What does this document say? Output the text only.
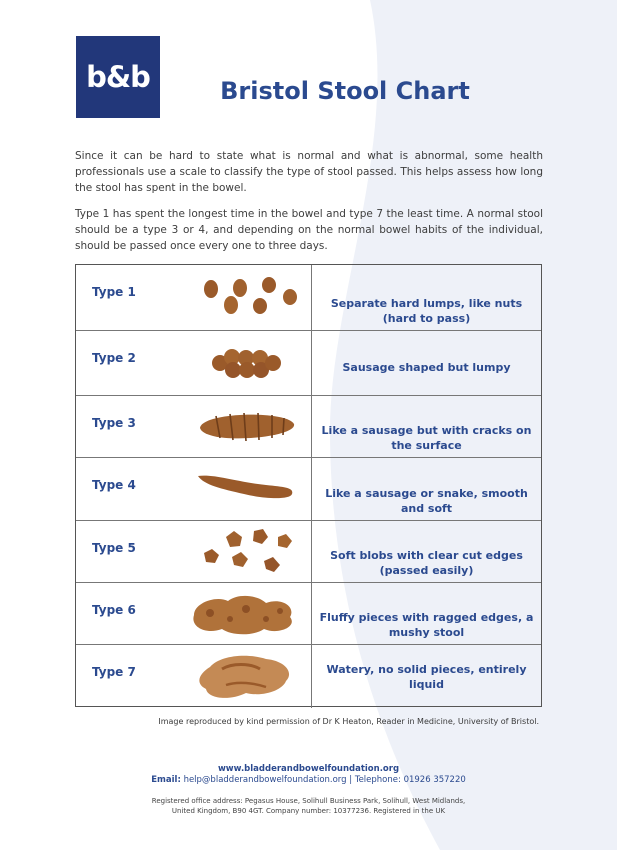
b&b	Bristol Stool Chart
Since it can be hard to state what is normal and what is abnormal, some health professionals use a scale to classify the type of stool passed. This helps assess how long the stool has spent in the bowel.
Type 1 has spent the longest time in the bowel and type 7 the least time. A normal stool should be a type 3 or 4, and depending on the normal bowel habits of the individual, should be passed once every one to three days.
Type 1
Separate hard lumps, like nuts (hard to pass)
Type 2
Sausage shaped but lumpy
Type 3
Like a sausage but with cracks on the surface
Type 4
Like a sausage or snake, smooth and soft
Type 5
Soft blobs with clear cut edges (passed easily)
Type 6
Fluffy pieces with ragged edges, a mushy stool
Type 7	Watery, no solid pieces, entirely liquid
Image reproduced by kind permission of Dr K Heaton, Reader in Medicine, University of Bristol.
www.bladderandbowelfoundation.org
Email: help@bladderandbowelfoundation.org | Telephone: 01926 357220
Registered office address: Pegasus House, Solihull Business Park, Solihull, West Midlands, United Kingdom, B90 4GT. Company number: 10377236. Registered in the UK
